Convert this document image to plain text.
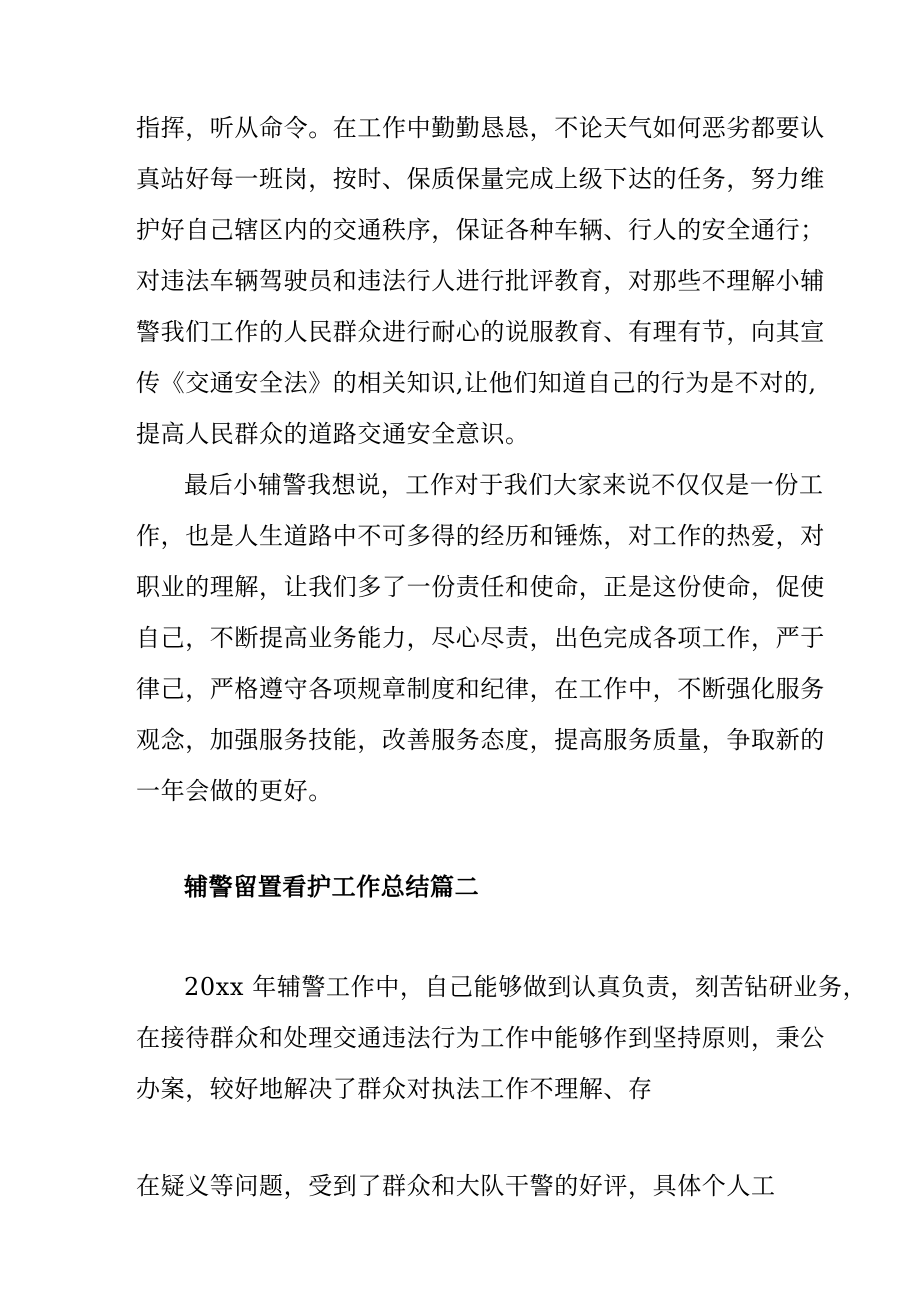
指挥，听从命令。在工作中勤勤恳恳，不论天气如何恶劣都要认
真站好每一班岗，按时、保质保量完成上级下达的任务，努力维
护好自己辖区内的交通秩序，保证各种车辆、行人的安全通行；
对违法车辆驾驶员和违法行人进行批评教育，对那些不理解小辅
警我们工作的人民群众进行耐心的说服教育、有理有节，向其宣
传《交通安全法》的相关知识,让他们知道自己的行为是不对的,
提高人民群众的道路交通安全意识。
最后小辅警我想说，工作对于我们大家来说不仅仅是一份工
作，也是人生道路中不可多得的经历和锤炼，对工作的热爱，对
职业的理解，让我们多了一份责任和使命，正是这份使命，促使
自己，不断提高业务能力，尽心尽责，出色完成各项工作，严于
律己，严格遵守各项规章制度和纪律，在工作中，不断强化服务
观念，加强服务技能，改善服务态度，提高服务质量，争取新的
一年会做的更好。
辅警留置看护工作总结篇二
20xx 年辅警工作中，自己能够做到认真负责，刻苦钻研业务，
在接待群众和处理交通违法行为工作中能够作到坚持原则，秉公
办案，较好地解决了群众对执法工作不理解、存
在疑义等问题，受到了群众和大队干警的好评，具体个人工
